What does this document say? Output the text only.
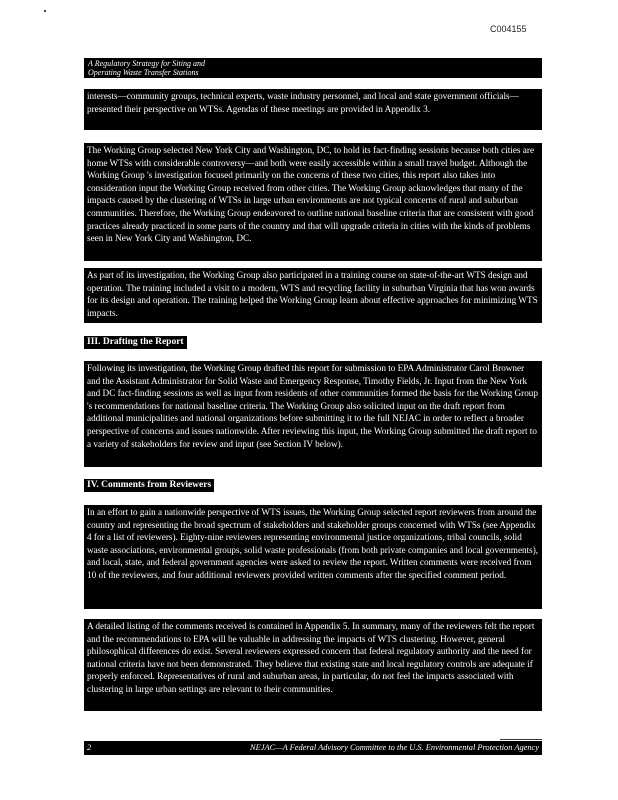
C004155
A Regulatory Strategy for Siting and
Operating Waste Transfer Stations
interests—community groups, technical experts, waste industry personnel, and local and state government officials—presented their perspective on WTSs. Agendas of these meetings are provided in Appendix 3.
The Working Group selected New York City and Washington, DC, to hold its fact-finding sessions because both cities are home WTSs with considerable controversy—and both were easily accessible within a small travel budget. Although the Working Group 's investigation focused primarily on the concerns of these two cities, this report also takes into consideration input the Working Group received from other cities. The Working Group acknowledges that many of the impacts caused by the clustering of WTSs in large urban environments are not typical concerns of rural and suburban communities. Therefore, the Working Group endeavored to outline national baseline criteria that are consistent with good practices already practiced in some parts of the country and that will upgrade criteria in cities with the kinds of problems seen in New York City and Washington, DC.
As part of its investigation, the Working Group also participated in a training course on state-of-the-art WTS design and operation. The training included a visit to a modern, WTS and recycling facility in suburban Virginia that has won awards for its design and operation. The training helped the Working Group learn about effective approaches for minimizing WTS impacts.
III. Drafting the Report
Following its investigation, the Working Group drafted this report for submission to EPA Administrator Carol Browner and the Assistant Administrator for Solid Waste and Emergency Response, Timothy Fields, Jr. Input from the New York and DC fact-finding sessions as well as input from residents of other communities formed the basis for the Working Group 's recommendations for national baseline criteria. The Working Group also solicited input on the draft report from additional municipalities and national organizations before submitting it to the full NEJAC in order to reflect a broader perspective of concerns and issues nationwide. After reviewing this input, the Working Group submitted the draft report to a variety of stakeholders for review and input (see Section IV below).
IV. Comments from Reviewers
In an effort to gain a nationwide perspective of WTS issues, the Working Group selected report reviewers from around the country and representing the broad spectrum of stakeholders and stakeholder groups concerned with WTSs (see Appendix 4 for a list of reviewers). Eighty-nine reviewers representing environmental justice organizations, tribal councils, solid waste associations, environmental groups, solid waste professionals (from both private companies and local governments), and local, state, and federal government agencies were asked to review the report. Written comments were received from 10 of the reviewers, and four additional reviewers provided written comments after the specified comment period.
A detailed listing of the comments received is contained in Appendix 5. In summary, many of the reviewers felt the report and the recommendations to EPA will be valuable in addressing the impacts of WTS clustering. However, general philosophical differences do exist. Several reviewers expressed concern that federal regulatory authority and the need for national criteria have not been demonstrated. They believe that existing state and local regulatory controls are adequate if properly enforced. Representatives of rural and suburban areas, in particular, do not feel the impacts associated with clustering in large urban settings are relevant to their communities.
2	NEJAC—A Federal Advisory Committee to the U.S. Environmental Protection Agency
